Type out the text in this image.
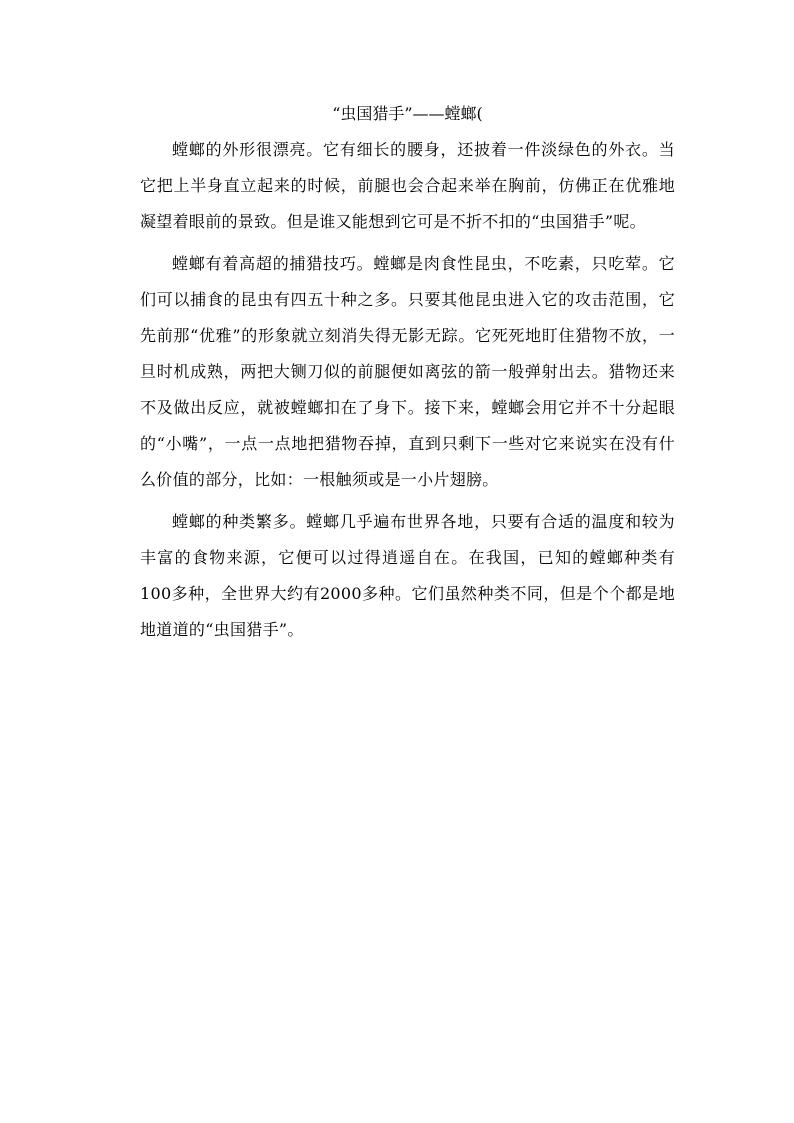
“虫国猎手”——螳螂(

螳螂的外形很漂亮。它有细长的腰身，还披着一件淡绿色的外衣。当它把上半身直立起来的时候，前腿也会合起来举在胸前，仿佛正在优雅地凝望着眼前的景致。但是谁又能想到它可是不折不扣的“虫国猎手”呢。

螳螂有着高超的捕猎技巧。螳螂是肉食性昆虫，不吃素，只吃荤。它们可以捕食的昆虫有四五十种之多。只要其他昆虫进入它的攻击范围，它先前那“优雅”的形象就立刻消失得无影无踪。它死死地盯住猎物不放，一旦时机成熟，两把大铡刀似的前腿便如离弦的箭一般弹射出去。猎物还来不及做出反应，就被螳螂扣在了身下。接下来，螳螂会用它并不十分起眼的“小嘴”，一点一点地把猎物吞掉，直到只剩下一些对它来说实在没有什么价值的部分，比如：一根触须或是一小片翅膀。

螳螂的种类繁多。螳螂几乎遍布世界各地，只要有合适的温度和较为丰富的食物来源，它便可以过得逍遥自在。在我国，已知的螳螂种类有100多种，全世界大约有2000多种。它们虽然种类不同，但是个个都是地地道道的“虫国猎手”。
